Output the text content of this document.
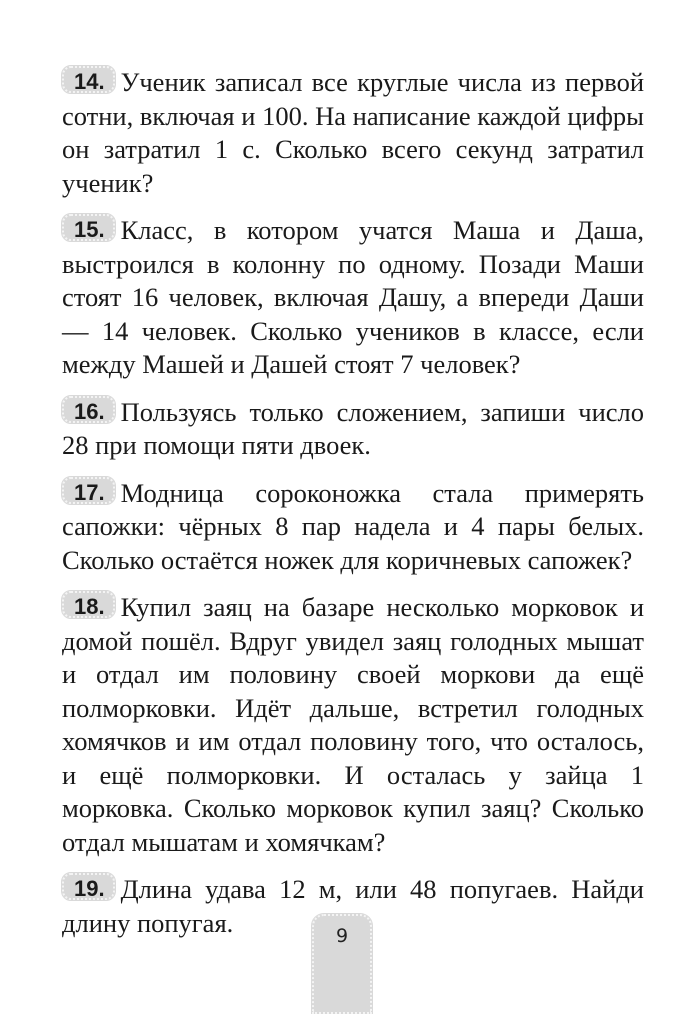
14. Ученик записал все круглые числа из первой сотни, включая и 100. На написание каждой цифры он затратил 1 с. Сколько всего секунд затратил ученик?

15. Класс, в котором учатся Маша и Даша, выстроился в колонну по одному. Позади Маши стоят 16 человек, включая Дашу, а впереди Даши — 14 человек. Сколько учеников в классе, если между Машей и Дашей стоят 7 человек?

16. Пользуясь только сложением, запиши число 28 при помощи пяти двоек.

17. Модница сороконожка стала примерять сапожки: чёрных 8 пар надела и 4 пары белых. Сколько остаётся ножек для коричневых сапожек?

18. Купил заяц на базаре несколько морковок и домой пошёл. Вдруг увидел заяц голодных мышат и отдал им половину своей моркови да ещё полморковки. Идёт дальше, встретил голодных хомячков и им отдал половину того, что осталось, и ещё полморковки. И осталась у зайца 1 морковка. Сколько морковок купил заяц? Сколько отдал мышатам и хомячкам?

19. Длина удава 12 м, или 48 попугаев. Найди длину попугая.	9
